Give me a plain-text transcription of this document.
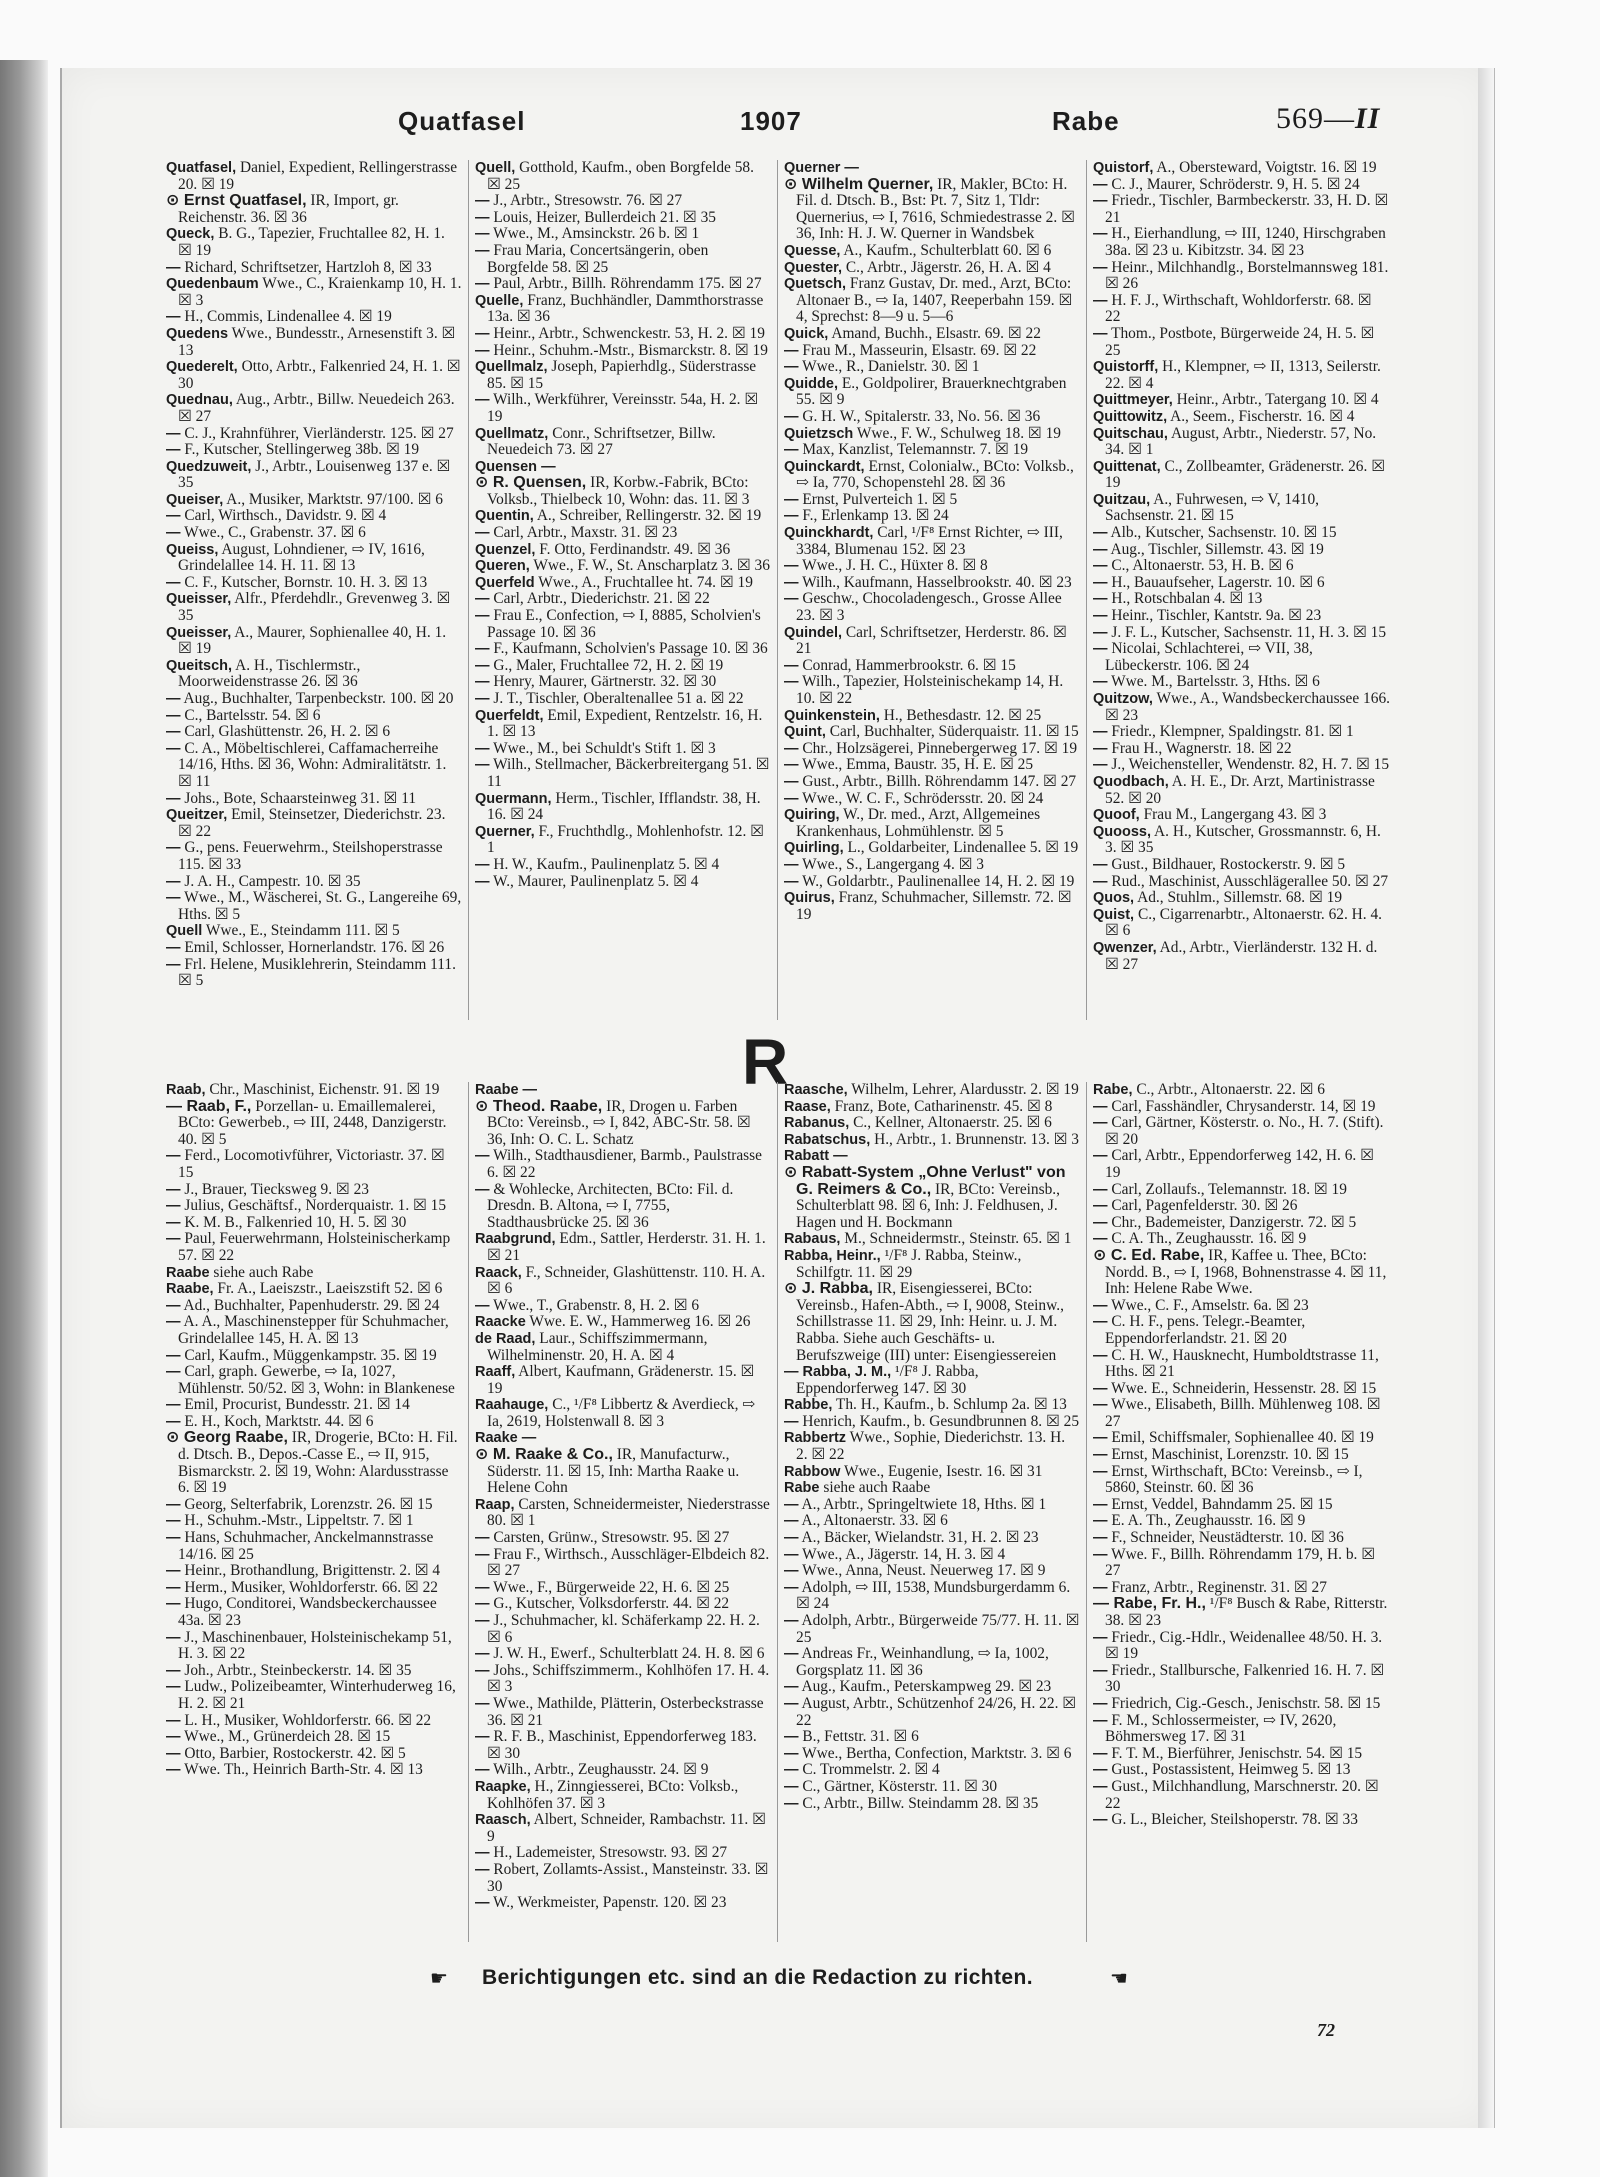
Quatfasel	1907	Rabe	569—II

Quatfasel, Daniel, Expedient, Rellingerstrasse 20. ☒ 19

⊙ Ernst Quatfasel, IR, Import, gr. Reichenstr. 36. ☒ 36

Queck, B. G., Tapezier, Fruchtallee 82, H. 1. ☒ 19

— Richard, Schriftsetzer, Hartzloh 8, ☒ 33

Quedenbaum Wwe., C., Kraienkamp 10, H. 1. ☒ 3

— H., Commis, Lindenallee 4. ☒ 19

Quedens Wwe., Bundesstr., Arnesenstift 3. ☒ 13

Quederelt, Otto, Arbtr., Falkenried 24, H. 1. ☒ 30

Quednau, Aug., Arbtr., Billw. Neuedeich 263. ☒ 27

— C. J., Krahnführer, Vierländerstr. 125. ☒ 27

— F., Kutscher, Stellingerweg 38b. ☒ 19

Quedzuweit, J., Arbtr., Louisenweg 137 e. ☒ 35

Queiser, A., Musiker, Marktstr. 97/100. ☒ 6

— Carl, Wirthsch., Davidstr. 9. ☒ 4

— Wwe., C., Grabenstr. 37. ☒ 6

Queiss, August, Lohndiener, ⇨ IV, 1616, Grindelallee 14. H. 11. ☒ 13

— C. F., Kutscher, Bornstr. 10. H. 3. ☒ 13

Queisser, Alfr., Pferdehdlr., Grevenweg 3. ☒ 35

Queisser, A., Maurer, Sophienallee 40, H. 1. ☒ 19

Queitsch, A. H., Tischlermstr., Moorweidenstrasse 26. ☒ 36

— Aug., Buchhalter, Tarpenbeckstr. 100. ☒ 20

— C., Bartelsstr. 54. ☒ 6

— Carl, Glashüttenstr. 26, H. 2. ☒ 6

— C. A., Möbeltischlerei, Caffamacherreihe 14/16, Hths. ☒ 36, Wohn: Admiralitätstr. 1. ☒ 11

— Johs., Bote, Schaarsteinweg 31. ☒ 11

Queitzer, Emil, Steinsetzer, Diederichstr. 23. ☒ 22

— G., pens. Feuerwehrm., Steilshoperstrasse 115. ☒ 33

— J. A. H., Campestr. 10. ☒ 35

— Wwe., M., Wäscherei, St. G., Langereihe 69, Hths. ☒ 5

Quell Wwe., E., Steindamm 111. ☒ 5

— Emil, Schlosser, Hornerlandstr. 176. ☒ 26

— Frl. Helene, Musiklehrerin, Steindamm 111. ☒ 5

Quell, Gotthold, Kaufm., oben Borgfelde 58. ☒ 25

— J., Arbtr., Stresowstr. 76. ☒ 27

— Louis, Heizer, Bullerdeich 21. ☒ 35

— Wwe., M., Amsinckstr. 26 b. ☒ 1

— Frau Maria, Concertsängerin, oben Borgfelde 58. ☒ 25

— Paul, Arbtr., Billh. Röhrendamm 175. ☒ 27

Quelle, Franz, Buchhändler, Dammthorstrasse 13a. ☒ 36

— Heinr., Arbtr., Schwenckestr. 53, H. 2. ☒ 19

— Heinr., Schuhm.-Mstr., Bismarckstr. 8. ☒ 19

Quellmalz, Joseph, Papierhdlg., Süderstrasse 85. ☒ 15

— Wilh., Werkführer, Vereinsstr. 54a, H. 2. ☒ 19

Quellmatz, Conr., Schriftsetzer, Billw. Neuedeich 73. ☒ 27

Quensen —

⊙ R. Quensen, IR, Korbw.-Fabrik, BCto: Volksb., Thielbeck 10, Wohn: das. 11. ☒ 3

Quentin, A., Schreiber, Rellingerstr. 32. ☒ 19

— Carl, Arbtr., Maxstr. 31. ☒ 23

Quenzel, F. Otto, Ferdinandstr. 49. ☒ 36

Queren, Wwe., F. W., St. Anscharplatz 3. ☒ 36

Querfeld Wwe., A., Fruchtallee ht. 74. ☒ 19

— Carl, Arbtr., Diederichstr. 21. ☒ 22

— Frau E., Confection, ⇨ I, 8885, Scholvien's Passage 10. ☒ 36

— F., Kaufmann, Scholvien's Passage 10. ☒ 36

— G., Maler, Fruchtallee 72, H. 2. ☒ 19

— Henry, Maurer, Gärtnerstr. 32. ☒ 30

— J. T., Tischler, Oberaltenallee 51 a. ☒ 22

Querfeldt, Emil, Expedient, Rentzelstr. 16, H. 1. ☒ 13

— Wwe., M., bei Schuldt's Stift 1. ☒ 3

— Wilh., Stellmacher, Bäckerbreitergang 51. ☒ 11

Quermann, Herm., Tischler, Ifflandstr. 38, H. 16. ☒ 24

Querner, F., Fruchthdlg., Mohlenhofstr. 12. ☒ 1

— H. W., Kaufm., Paulinenplatz 5. ☒ 4

— W., Maurer, Paulinenplatz 5. ☒ 4

Querner —

⊙ Wilhelm Querner, IR, Makler, BCto: H. Fil. d. Dtsch. B., Bst: Pt. 7, Sitz 1, Tldr: Quernerius, ⇨ I, 7616, Schmiedestrasse 2. ☒ 36, Inh: H. J. W. Querner in Wandsbek

Quesse, A., Kaufm., Schulterblatt 60. ☒ 6

Quester, C., Arbtr., Jägerstr. 26, H. A. ☒ 4

Quetsch, Franz Gustav, Dr. med., Arzt, BCto: Altonaer B., ⇨ Ia, 1407, Reeperbahn 159. ☒ 4, Sprechst: 8—9 u. 5—6

Quick, Amand, Buchh., Elsastr. 69. ☒ 22

— Frau M., Masseurin, Elsastr. 69. ☒ 22

— Wwe., R., Danielstr. 30. ☒ 1

Quidde, E., Goldpolirer, Brauerknechtgraben 55. ☒ 9

— G. H. W., Spitalerstr. 33, No. 56. ☒ 36

Quietzsch Wwe., F. W., Schulweg 18. ☒ 19

— Max, Kanzlist, Telemannstr. 7. ☒ 19

Quinckardt, Ernst, Colonialw., BCto: Volksb., ⇨ Ia, 770, Schopenstehl 28. ☒ 36

— Ernst, Pulverteich 1. ☒ 5

— F., Erlenkamp 13. ☒ 24

Quinckhardt, Carl, ¹/F⁸ Ernst Richter, ⇨ III, 3384, Blumenau 152. ☒ 23

— Wwe., J. H. C., Hüxter 8. ☒ 8

— Wilh., Kaufmann, Hasselbrookstr. 40. ☒ 23

— Geschw., Chocoladengesch., Grosse Allee 23. ☒ 3

Quindel, Carl, Schriftsetzer, Herderstr. 86. ☒ 21

— Conrad, Hammerbrookstr. 6. ☒ 15

— Wilh., Tapezier, Holsteinischekamp 14, H. 10. ☒ 22

Quinkenstein, H., Bethesdastr. 12. ☒ 25

Quint, Carl, Buchhalter, Süderquaistr. 11. ☒ 15

— Chr., Holzsägerei, Pinnebergerweg 17. ☒ 19

— Wwe., Emma, Baustr. 35, H. E. ☒ 25

— Gust., Arbtr., Billh. Röhrendamm 147. ☒ 27

— Wwe., W. C. F., Schrödersstr. 20. ☒ 24

Quiring, W., Dr. med., Arzt, Allgemeines Krankenhaus, Lohmühlenstr. ☒ 5

Quirling, L., Goldarbeiter, Lindenallee 5. ☒ 19

— Wwe., S., Langergang 4. ☒ 3

— W., Goldarbtr., Paulinenallee 14, H. 2. ☒ 19

Quirus, Franz, Schuhmacher, Sillemstr. 72. ☒ 19

Quistorf, A., Obersteward, Voigtstr. 16. ☒ 19

— C. J., Maurer, Schröderstr. 9, H. 5. ☒ 24

— Friedr., Tischler, Barmbeckerstr. 33, H. D. ☒ 21

— H., Eierhandlung, ⇨ III, 1240, Hirschgraben 38a. ☒ 23 u. Kibitzstr. 34. ☒ 23

— Heinr., Milchhandlg., Borstelmannsweg 181. ☒ 26

— H. F. J., Wirthschaft, Wohldorferstr. 68. ☒ 22

— Thom., Postbote, Bürgerweide 24, H. 5. ☒ 25

Quistorff, H., Klempner, ⇨ II, 1313, Seilerstr. 22. ☒ 4

Quittmeyer, Heinr., Arbtr., Tatergang 10. ☒ 4

Quittowitz, A., Seem., Fischerstr. 16. ☒ 4

Quitschau, August, Arbtr., Niederstr. 57, No. 34. ☒ 1

Quittenat, C., Zollbeamter, Grädenerstr. 26. ☒ 19

Quitzau, A., Fuhrwesen, ⇨ V, 1410, Sachsenstr. 21. ☒ 15

— Alb., Kutscher, Sachsenstr. 10. ☒ 15

— Aug., Tischler, Sillemstr. 43. ☒ 19

— C., Altonaerstr. 53, H. B. ☒ 6

— H., Bauaufseher, Lagerstr. 10. ☒ 6

— H., Rotschbalan 4. ☒ 13

— Heinr., Tischler, Kantstr. 9a. ☒ 23

— J. F. L., Kutscher, Sachsenstr. 11, H. 3. ☒ 15

— Nicolai, Schlachterei, ⇨ VII, 38, Lübeckerstr. 106. ☒ 24

— Wwe. M., Bartelsstr. 3, Hths. ☒ 6

Quitzow, Wwe., A., Wandsbeckerchaussee 166. ☒ 23

— Friedr., Klempner, Spaldingstr. 81. ☒ 1

— Frau H., Wagnerstr. 18. ☒ 22

— J., Weichensteller, Wendenstr. 82, H. 7. ☒ 15

Quodbach, A. H. E., Dr. Arzt, Martinistrasse 52. ☒ 20

Quoof, Frau M., Langergang 43. ☒ 3

Quooss, A. H., Kutscher, Grossmannstr. 6, H. 3. ☒ 35

— Gust., Bildhauer, Rostockerstr. 9. ☒ 5

— Rud., Maschinist, Ausschlägerallee 50. ☒ 27

Quos, Ad., Stuhlm., Sillemstr. 68. ☒ 19

Quist, C., Cigarrenarbtr., Altonaerstr. 62. H. 4. ☒ 6

Qwenzer, Ad., Arbtr., Vierländerstr. 132 H. d. ☒ 27

R

Raab, Chr., Maschinist, Eichenstr. 91. ☒ 19

— Raab, F., Porzellan- u. Emaillemalerei, BCto: Gewerbeb., ⇨ III, 2448, Danzigerstr. 40. ☒ 5

— Ferd., Locomotivführer, Victoriastr. 37. ☒ 15

— J., Brauer, Tiecksweg 9. ☒ 23

— Julius, Geschäftsf., Norderquaistr. 1. ☒ 15

— K. M. B., Falkenried 10, H. 5. ☒ 30

— Paul, Feuerwehrmann, Holsteinischerkamp 57. ☒ 22

Raabe siehe auch Rabe

Raabe, Fr. A., Laeiszstr., Laeiszstift 52. ☒ 6

— Ad., Buchhalter, Papenhuderstr. 29. ☒ 24

— A. A., Maschinenstepper für Schuhmacher, Grindelallee 145, H. A. ☒ 13

— Carl, Kaufm., Müggenkampstr. 35. ☒ 19

— Carl, graph. Gewerbe, ⇨ Ia, 1027, Mühlenstr. 50/52. ☒ 3, Wohn: in Blankenese

— Emil, Procurist, Bundesstr. 21. ☒ 14

— E. H., Koch, Marktstr. 44. ☒ 6

⊙ Georg Raabe, IR, Drogerie, BCto: H. Fil. d. Dtsch. B., Depos.-Casse E., ⇨ II, 915, Bismarckstr. 2. ☒ 19, Wohn: Alardusstrasse 6. ☒ 19

— Georg, Selterfabrik, Lorenzstr. 26. ☒ 15

— H., Schuhm.-Mstr., Lippeltstr. 7. ☒ 1

— Hans, Schuhmacher, Anckelmannstrasse 14/16. ☒ 25

— Heinr., Brothandlung, Brigittenstr. 2. ☒ 4

— Herm., Musiker, Wohldorferstr. 66. ☒ 22

— Hugo, Conditorei, Wandsbeckerchaussee 43a. ☒ 23

— J., Maschinenbauer, Holsteinischekamp 51, H. 3. ☒ 22

— Joh., Arbtr., Steinbeckerstr. 14. ☒ 35

— Ludw., Polizeibeamter, Winterhuderweg 16, H. 2. ☒ 21

— L. H., Musiker, Wohldorferstr. 66. ☒ 22

— Wwe., M., Grünerdeich 28. ☒ 15

— Otto, Barbier, Rostockerstr. 42. ☒ 5

— Wwe. Th., Heinrich Barth-Str. 4. ☒ 13

Raabe —

⊙ Theod. Raabe, IR, Drogen u. Farben BCto: Vereinsb., ⇨ I, 842, ABC-Str. 58. ☒ 36, Inh: O. C. L. Schatz

— Wilh., Stadthausdiener, Barmb., Paulstrasse 6. ☒ 22

— & Wohlecke, Architecten, BCto: Fil. d. Dresdn. B. Altona, ⇨ I, 7755, Stadthausbrücke 25. ☒ 36

Raabgrund, Edm., Sattler, Herderstr. 31. H. 1. ☒ 21

Raack, F., Schneider, Glashüttenstr. 110. H. A. ☒ 6

— Wwe., T., Grabenstr. 8, H. 2. ☒ 6

Raacke Wwe. E. W., Hammerweg 16. ☒ 26

de Raad, Laur., Schiffszimmermann, Wilhelminenstr. 20, H. A. ☒ 4

Raaff, Albert, Kaufmann, Grädenerstr. 15. ☒ 19

Raahauge, C., ¹/F⁸ Libbertz & Averdieck, ⇨ Ia, 2619, Holstenwall 8. ☒ 3

Raake —

⊙ M. Raake & Co., IR, Manufacturw., Süderstr. 11. ☒ 15, Inh: Martha Raake u. Helene Cohn

Raap, Carsten, Schneidermeister, Niederstrasse 80. ☒ 1

— Carsten, Grünw., Stresowstr. 95. ☒ 27

— Frau F., Wirthsch., Ausschläger-Elbdeich 82. ☒ 27

— Wwe., F., Bürgerweide 22, H. 6. ☒ 25

— G., Kutscher, Volksdorferstr. 44. ☒ 22

— J., Schuhmacher, kl. Schäferkamp 22. H. 2. ☒ 6

— J. W. H., Ewerf., Schulterblatt 24. H. 8. ☒ 6

— Johs., Schiffszimmerm., Kohlhöfen 17. H. 4. ☒ 3

— Wwe., Mathilde, Plätterin, Osterbeckstrasse 36. ☒ 21

— R. F. B., Maschinist, Eppendorferweg 183. ☒ 30

— Wilh., Arbtr., Zeughausstr. 24. ☒ 9

Raapke, H., Zinngiesserei, BCto: Volksb., Kohlhöfen 37. ☒ 3

Raasch, Albert, Schneider, Rambachstr. 11. ☒ 9

— H., Lademeister, Stresowstr. 93. ☒ 27

— Robert, Zollamts-Assist., Mansteinstr. 33. ☒ 30

— W., Werkmeister, Papenstr. 120. ☒ 23

Raasche, Wilhelm, Lehrer, Alardusstr. 2. ☒ 19

Raase, Franz, Bote, Catharinenstr. 45. ☒ 8

Rabanus, C., Kellner, Altonaerstr. 25. ☒ 6

Rabatschus, H., Arbtr., 1. Brunnenstr. 13. ☒ 3

Rabatt —

⊙ Rabatt-System „Ohne Verlust" von G. Reimers & Co., IR, BCto: Vereinsb., Schulterblatt 98. ☒ 6, Inh: J. Feldhusen, J. Hagen und H. Bockmann

Rabaus, M., Schneidermstr., Steinstr. 65. ☒ 1

Rabba, Heinr., ¹/F⁸ J. Rabba, Steinw., Schilfgtr. 11. ☒ 29

⊙ J. Rabba, IR, Eisengiesserei, BCto: Vereinsb., Hafen-Abth., ⇨ I, 9008, Steinw., Schillstrasse 11. ☒ 29, Inh: Heinr. u. J. M. Rabba. Siehe auch Geschäfts- u. Berufszweige (III) unter: Eisengiessereien

— Rabba, J. M., ¹/F⁸ J. Rabba, Eppendorferweg 147. ☒ 30

Rabbe, Th. H., Kaufm., b. Schlump 2a. ☒ 13

— Henrich, Kaufm., b. Gesundbrunnen 8. ☒ 25

Rabbertz Wwe., Sophie, Diederichstr. 13. H. 2. ☒ 22

Rabbow Wwe., Eugenie, Isestr. 16. ☒ 31

Rabe siehe auch Raabe

— A., Arbtr., Springeltwiete 18, Hths. ☒ 1

— A., Altonaerstr. 33. ☒ 6

— A., Bäcker, Wielandstr. 31, H. 2. ☒ 23

— Wwe., A., Jägerstr. 14, H. 3. ☒ 4

— Wwe., Anna, Neust. Neuerweg 17. ☒ 9

— Adolph, ⇨ III, 1538, Mundsburgerdamm 6. ☒ 24

— Adolph, Arbtr., Bürgerweide 75/77. H. 11. ☒ 25

— Andreas Fr., Weinhandlung, ⇨ Ia, 1002, Gorgsplatz 11. ☒ 36

— Aug., Kaufm., Peterskampweg 29. ☒ 23

— August, Arbtr., Schützenhof 24/26, H. 22. ☒ 22

— B., Fettstr. 31. ☒ 6

— Wwe., Bertha, Confection, Marktstr. 3. ☒ 6

— C. Trommelstr. 2. ☒ 4

— C., Gärtner, Kösterstr. 11. ☒ 30

— C., Arbtr., Billw. Steindamm 28. ☒ 35

Rabe, C., Arbtr., Altonaerstr. 22. ☒ 6

— Carl, Fasshändler, Chrysanderstr. 14, ☒ 19

— Carl, Gärtner, Kösterstr. o. No., H. 7. (Stift). ☒ 20

— Carl, Arbtr., Eppendorferweg 142, H. 6. ☒ 19

— Carl, Zollaufs., Telemannstr. 18. ☒ 19

— Carl, Pagenfelderstr. 30. ☒ 26

— Chr., Bademeister, Danzigerstr. 72. ☒ 5

— C. A. Th., Zeughausstr. 16. ☒ 9

⊙ C. Ed. Rabe, IR, Kaffee u. Thee, BCto: Nordd. B., ⇨ I, 1968, Bohnenstrasse 4. ☒ 11, Inh: Helene Rabe Wwe.

— Wwe., C. F., Amselstr. 6a. ☒ 23

— C. H. F., pens. Telegr.-Beamter, Eppendorferlandstr. 21. ☒ 20

— C. H. W., Hausknecht, Humboldtstrasse 11, Hths. ☒ 21

— Wwe. E., Schneiderin, Hessenstr. 28. ☒ 15

— Wwe., Elisabeth, Billh. Mühlenweg 108. ☒ 27

— Emil, Schiffsmaler, Sophienallee 40. ☒ 19

— Ernst, Maschinist, Lorenzstr. 10. ☒ 15

— Ernst, Wirthschaft, BCto: Vereinsb., ⇨ I, 5860, Steinstr. 60. ☒ 36

— Ernst, Veddel, Bahndamm 25. ☒ 15

— E. A. Th., Zeughausstr. 16. ☒ 9

— F., Schneider, Neustädterstr. 10. ☒ 36

— Wwe. F., Billh. Röhrendamm 179, H. b. ☒ 27

— Franz, Arbtr., Reginenstr. 31. ☒ 27

— Rabe, Fr. H., ¹/F⁸ Busch & Rabe, Ritterstr. 38. ☒ 23

— Friedr., Cig.-Hdlr., Weidenallee 48/50. H. 3. ☒ 19

— Friedr., Stallbursche, Falkenried 16. H. 7. ☒ 30

— Friedrich, Cig.-Gesch., Jenischstr. 58. ☒ 15

— F. M., Schlossermeister, ⇨ IV, 2620, Böhmersweg 17. ☒ 31

— F. T. M., Bierführer, Jenischstr. 54. ☒ 15

— Gust., Postassistent, Heimweg 5. ☒ 13

— Gust., Milchhandlung, Marschnerstr. 20. ☒ 22

— G. L., Bleicher, Steilshoperstr. 78. ☒ 33

☛ Berichtigungen etc. sind an die Redaction zu richten.	☚
72
